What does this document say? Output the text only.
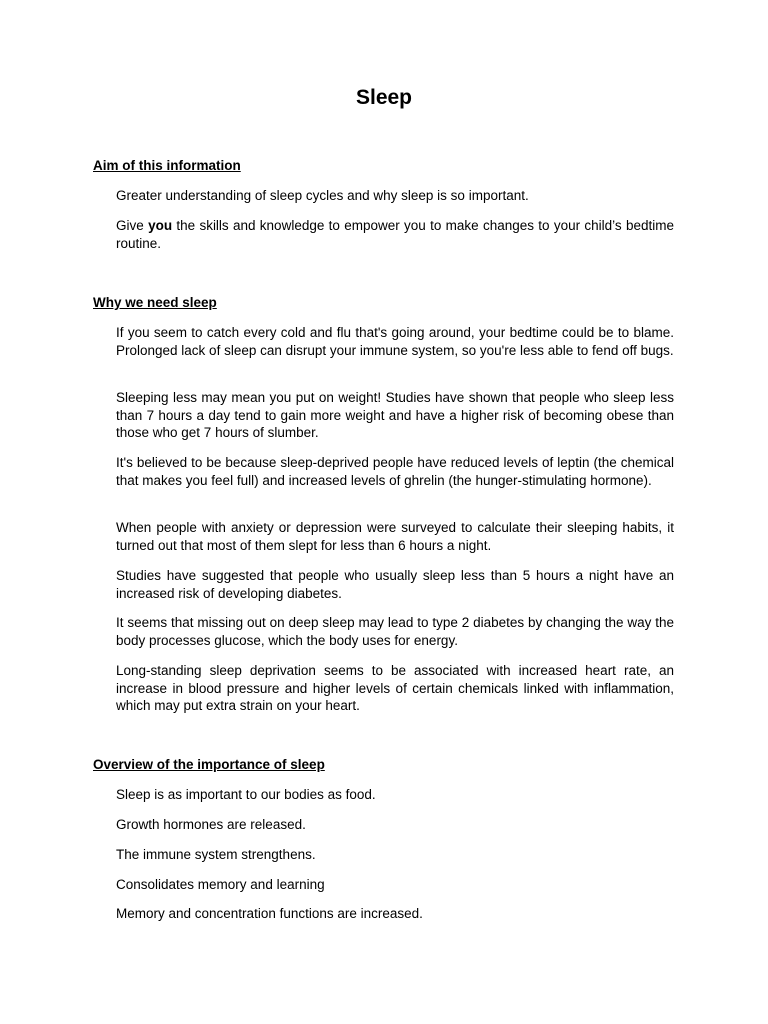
Sleep
Aim of this information

Greater understanding of sleep cycles and why sleep is so important.

Give you the skills and knowledge to empower you to make changes to your child’s bedtime routine.

Why we need sleep

If you seem to catch every cold and flu that's going around, your bedtime could be to blame. Prolonged lack of sleep can disrupt your immune system, so you're less able to fend off bugs.

Sleeping less may mean you put on weight! Studies have shown that people who sleep less than 7 hours a day tend to gain more weight and have a higher risk of becoming obese than those who get 7 hours of slumber.

It's believed to be because sleep-deprived people have reduced levels of leptin (the chemical that makes you feel full) and increased levels of ghrelin (the hunger-stimulating hormone).

When people with anxiety or depression were surveyed to calculate their sleeping habits, it turned out that most of them slept for less than 6 hours a night.

Studies have suggested that people who usually sleep less than 5 hours a night have an increased risk of developing diabetes.

It seems that missing out on deep sleep may lead to type 2 diabetes by changing the way the body processes glucose, which the body uses for energy.

Long-standing sleep deprivation seems to be associated with increased heart rate, an increase in blood pressure and higher levels of certain chemicals linked with inflammation, which may put extra strain on your heart.

Overview of the importance of sleep

Sleep is as important to our bodies as food.

Growth hormones are released.

The immune system strengthens.

Consolidates memory and learning

Memory and concentration functions are increased.
